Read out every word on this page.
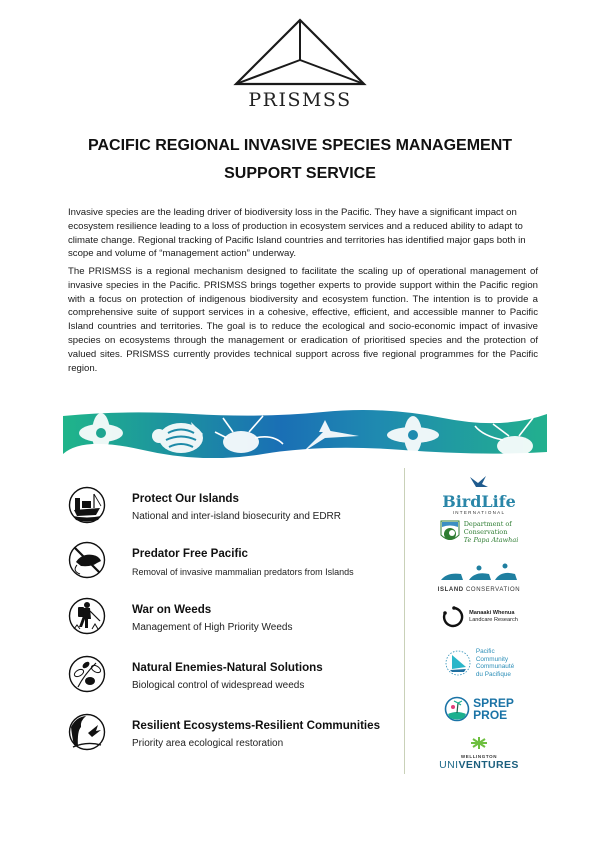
PRISMSS
PACIFIC REGIONAL INVASIVE SPECIES MANAGEMENT
SUPPORT SERVICE

Invasive species are the leading driver of biodiversity loss in the Pacific. They have a significant impact on ecosystem resilience leading to a loss of production in ecosystem services and a reduced ability to adapt to climate change. Regional tracking of Pacific Island countries and territories has identified major gaps both in scope and volume of “management action” underway.

The PRISMSS is a regional mechanism designed to facilitate the scaling up of operational management of invasive species in the Pacific. PRISMSS brings together experts to provide support within the Pacific region with a focus on protection of indigenous biodiversity and ecosystem function. The intention is to provide a comprehensive suite of support services in a cohesive, effective, efficient, and accessible manner to Pacific Island countries and territories. The goal is to reduce the ecological and socio-economic impact of invasive species on ecosystems through the management or eradication of prioritised species and the protection of valued sites. PRISMSS currently provides technical support across five regional programmes for the Pacific region.

Protect Our Islands
National and inter-island biosecurity and EDRR
Predator Free Pacific
Removal of invasive mammalian predators from Islands
War on Weeds
Management of High Priority Weeds
Natural Enemies-Natural Solutions
Biological control of widespread weeds
Resilient Ecosystems-Resilient Communities
Priority area ecological restoration
BirdLife
INTERNATIONAL
Department of
Conservation
Te Papa Atawhai
ISLAND CONSERVATION
Manaaki Whenua
Landcare Research
Pacific
Community
Communauté
du Pacifique
SPREP
PROE
WELLINGTON
UNIVENTURES
